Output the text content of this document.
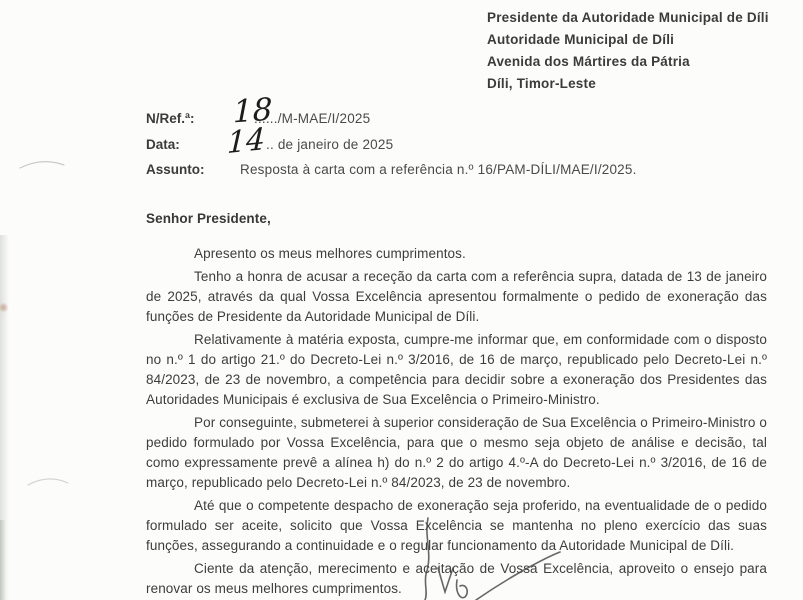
Presidente da Autoridade Municipal de Díli
Autoridade Municipal de Díli
Avenida dos Mártires da Pátria
Díli, Timor-Leste
N/Ref.ª:	....../M-MAE/I/2025
Data:	.. de janeiro de 2025
Assunto:	Resposta à carta com a referência n.º 16/PAM-DÍLI/MAE/I/2025.
18
14

Senhor Presidente,

Apresento os meus melhores cumprimentos.

Tenho a honra de acusar a receção da carta com a referência supra, datada de 13 de janeiro de 2025, através da qual Vossa Excelência apresentou formalmente o pedido de exoneração das funções de Presidente da Autoridade Municipal de Díli.

Relativamente à matéria exposta, cumpre-me informar que, em conformidade com o disposto no n.º 1 do artigo 21.º do Decreto-Lei n.º 3/2016, de 16 de março, republicado pelo Decreto-Lei n.º 84/2023, de 23 de novembro, a competência para decidir sobre a exoneração dos Presidentes das Autoridades Municipais é exclusiva de Sua Excelência o Primeiro-Ministro.

Por conseguinte, submeterei à superior consideração de Sua Excelência o Primeiro-Ministro o pedido formulado por Vossa Excelência, para que o mesmo seja objeto de análise e decisão, tal como expressamente prevê a alínea h) do n.º 2 do artigo 4.º-A do Decreto-Lei n.º 3/2016, de 16 de março, republicado pelo Decreto-Lei n.º 84/2023, de 23 de novembro.

Até que o competente despacho de exoneração seja proferido, na eventualidade de o pedido formulado ser aceite, solicito que Vossa Excelência se mantenha no pleno exercício das suas funções, assegurando a continuidade e o regular funcionamento da Autoridade Municipal de Díli.

Ciente da atenção, merecimento e aceitação de Vossa Excelência, aproveito o ensejo para renovar os meus melhores cumprimentos.
